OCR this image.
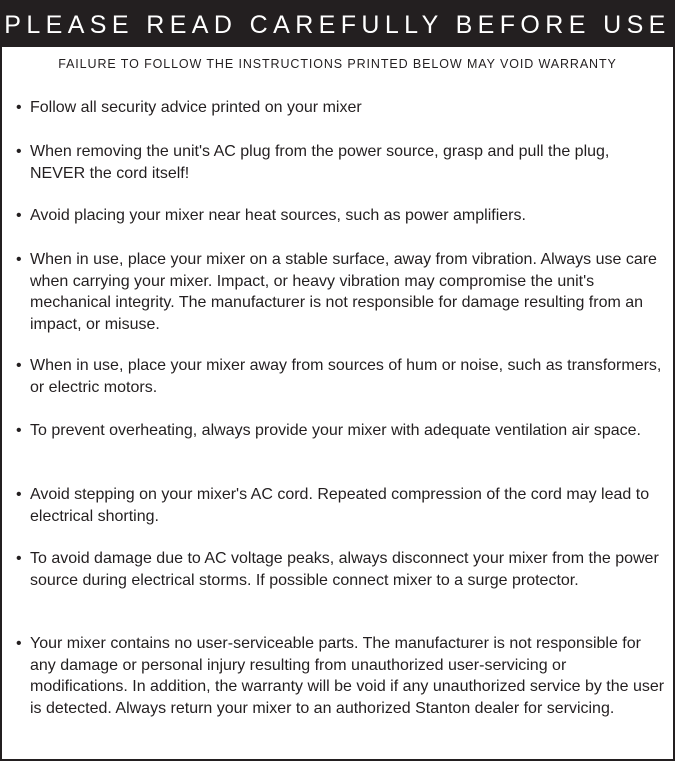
PLEASE READ CAREFULLY BEFORE USE
FAILURE TO FOLLOW THE INSTRUCTIONS PRINTED BELOW MAY VOID WARRANTY
• Follow all security advice printed on your mixer
• When removing the unit's AC plug from the power source, grasp and pull the plug, NEVER the cord itself!
• Avoid placing your mixer near heat sources, such as power amplifiers.
• When in use, place your mixer on a stable surface, away from vibration. Always use care when carrying your mixer. Impact, or heavy vibration may compromise the unit's mechanical integrity. The manufacturer is not responsible for damage resulting from an impact, or misuse.
• When in use, place your mixer away from sources of hum or noise, such as transformers, or electric motors.
• To prevent overheating, always provide your mixer with adequate ventilation air space.
• Avoid stepping on your mixer's AC cord. Repeated compression of the cord may lead to electrical shorting.
• To avoid damage due to AC voltage peaks, always disconnect your mixer from the power source during electrical storms. If possible connect mixer to a surge protector.
• Your mixer contains no user-serviceable parts. The manufacturer is not responsible for any damage or personal injury resulting from unauthorized user-servicing or modifications. In addition, the warranty will be void if any unauthorized service by the user is detected. Always return your mixer to an authorized Stanton dealer for servicing.
